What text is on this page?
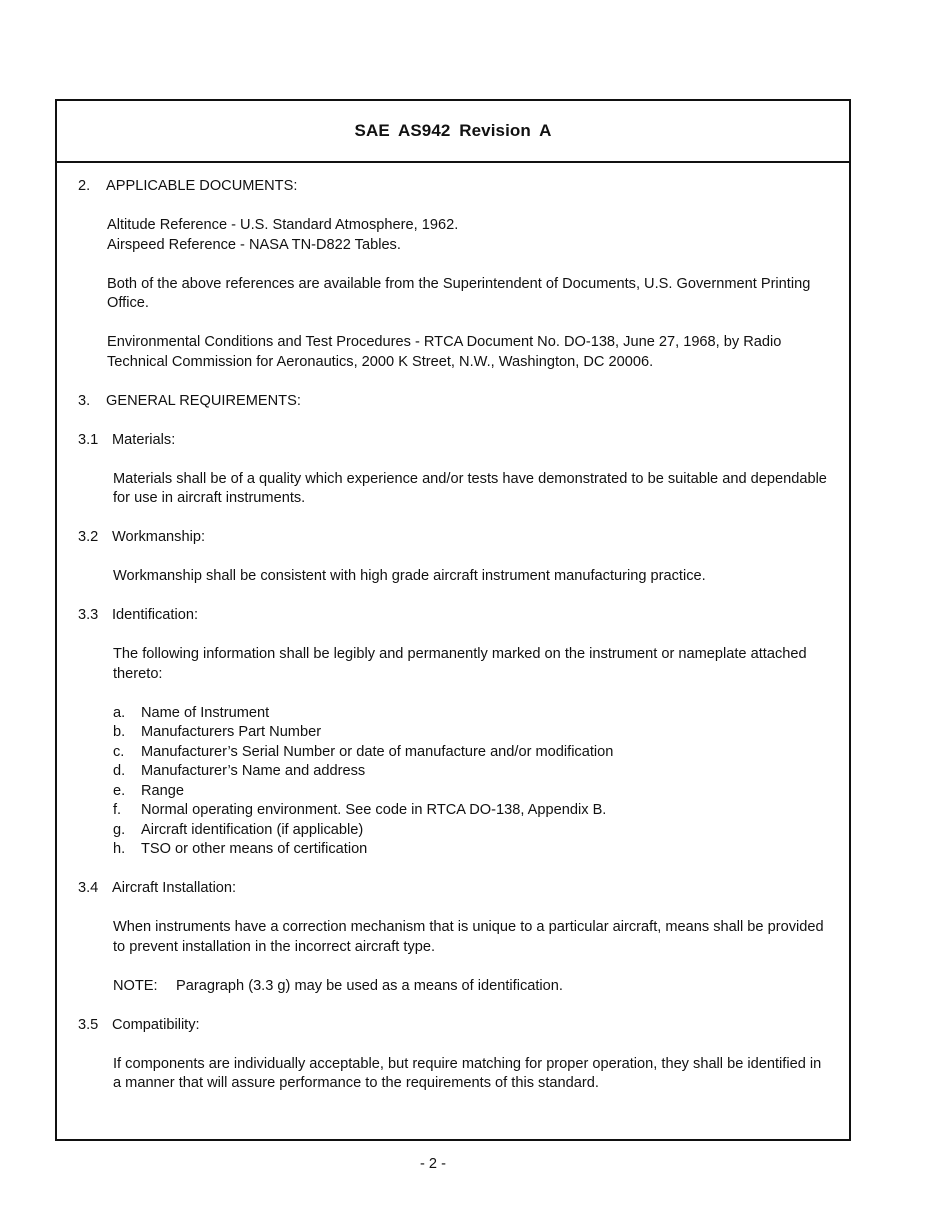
SAE AS942 Revision A
2.	APPLICABLE DOCUMENTS:

Altitude Reference - U.S. Standard Atmosphere, 1962.

Airspeed Reference - NASA TN-D822 Tables.

Both of the above references are available from the Superintendent of Documents, U.S. Government Printing Office.

Environmental Conditions and Test Procedures - RTCA Document No. DO-138, June 27, 1968, by Radio Technical Commission for Aeronautics, 2000 K Street, N.W., Washington, DC 20006.

3.	GENERAL REQUIREMENTS:
3.1 Materials:

Materials shall be of a quality which experience and/or tests have demonstrated to be suitable and dependable for use in aircraft instruments.

3.2 Workmanship:

Workmanship shall be consistent with high grade aircraft instrument manufacturing practice.

3.3 Identification:

The following information shall be legibly and permanently marked on the instrument or nameplate attached thereto:

a.	Name of Instrument
b.	Manufacturers Part Number
c.	Manufacturer’s Serial Number or date of manufacture and/or modification
d.	Manufacturer’s Name and address
e.	Range
f.	Normal operating environment. See code in RTCA DO-138, Appendix B.
g.	Aircraft identification (if applicable)
h.	TSO or other means of certification
3.4 Aircraft Installation:

When instruments have a correction mechanism that is unique to a particular aircraft, means shall be provided to prevent installation in the incorrect aircraft type.

NOTE:	Paragraph (3.3 g) may be used as a means of identification.
3.5 Compatibility:

If components are individually acceptable, but require matching for proper operation, they shall be identified in a manner that will assure performance to the requirements of this standard.

- 2 -
